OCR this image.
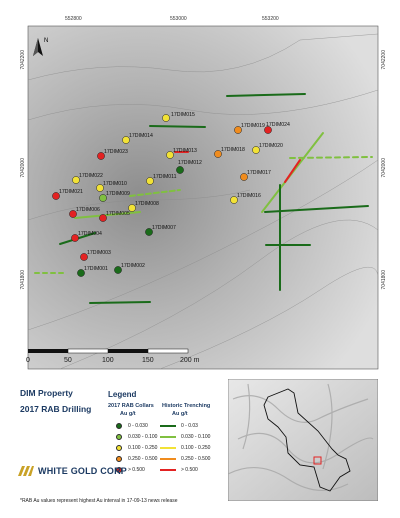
17DIM015
17DIM014
17DIM019 17DIM024
17DIM023	17DIM013	17DIM018
17DIM020
17DIM012
17DIM022
17DIM010
17DIM011
17DIM017
17DIM021	17DIM009	17DIM016
17DIM006
17DIM008
17DIM005
17DIM007
17DIM004
17DIM003
17DIM001	17DIM002
N
552800	553000	553200
7042200
7042000
7041800
7042200
7042000
7041800
0	50	100	150	200 m
DIM Property
2017 RAB Drilling
Legend
2017 RAB Collars Historic Trenching
Au g/t	Au g/t
0 - 0.030
0.030 - 0.100
0.100 - 0.250
0.250 - 0.500
> 0.500
0 - 0.03
0.030 - 0.100
0.100 - 0.250
0.250 - 0.500
> 0.500
WHITE GOLD CORP
*RAB Au values represent highest Au interval in 17-09-13 news release
